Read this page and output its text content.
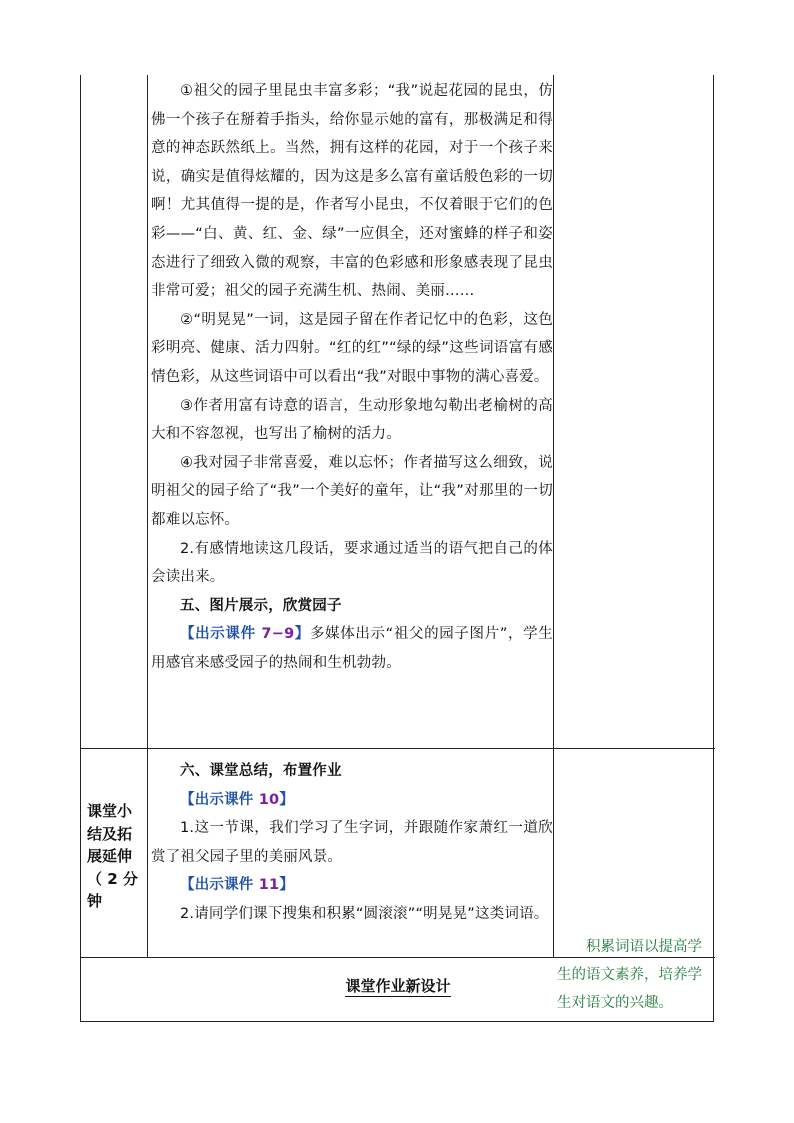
①祖父的园子里昆虫丰富多彩；“我”说起花园的昆虫，仿佛一个孩子在掰着手指头，给你显示她的富有，那极满足和得意的神态跃然纸上。当然，拥有这样的花园，对于一个孩子来说，确实是值得炫耀的，因为这是多么富有童话般色彩的一切啊！尤其值得一提的是，作者写小昆虫，不仅着眼于它们的色彩——“白、黄、红、金、绿”一应俱全，还对蜜蜂的样子和姿态进行了细致入微的观察，丰富的色彩感和形象感表现了昆虫非常可爱；祖父的园子充满生机、热闹、美丽……

②“明晃晃”一词，这是园子留在作者记忆中的色彩，这色彩明亮、健康、活力四射。“红的红”“绿的绿”这些词语富有感情色彩，从这些词语中可以看出“我”对眼中事物的满心喜爱。

③作者用富有诗意的语言，生动形象地勾勒出老榆树的高大和不容忽视，也写出了榆树的活力。

④我对园子非常喜爱，难以忘怀；作者描写这么细致，说明祖父的园子给了“我”一个美好的童年，让“我”对那里的一切都难以忘怀。

2.有感情地读这几段话，要求通过适当的语气把自己的体会读出来。

五、图片展示，欣赏园子

【出示课件 7−9】多媒体出示“祖父的园子图片”，学生用感官来感受园子的热闹和生机勃勃。

课堂小结及拓展延伸（ 2 分钟

六、课堂总结，布置作业

【出示课件 10】

1.这一节课，我们学习了生字词，并跟随作家萧红一道欣赏了祖父园子里的美丽风景。

【出示课件 11】

2.请同学们课下搜集和积累“圆滚滚”“明晃晃”这类词语。

积累词语以提高学生的语文素养，培养学生对语文的兴趣。

课堂作业新设计
